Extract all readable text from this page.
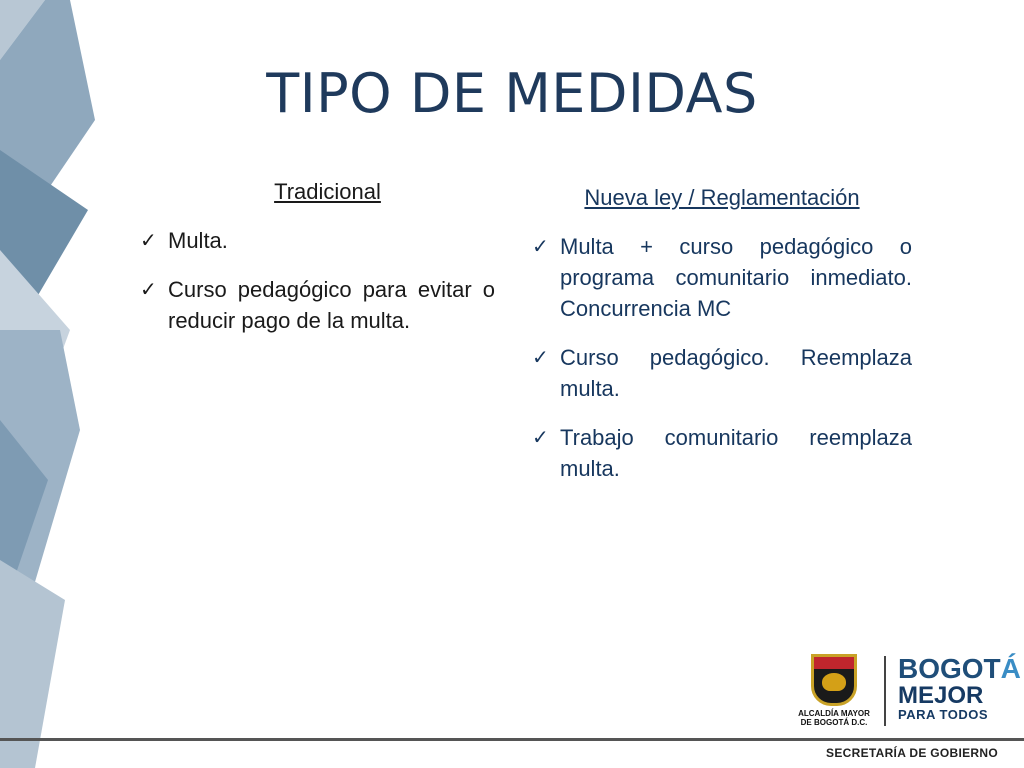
TIPO DE MEDIDAS
Tradicional
✓ Multa.
✓ Curso pedagógico para evitar o reducir pago de la multa.
Nueva ley / Reglamentación
✓ Multa + curso pedagógico o programa comunitario inmediato. Concurrencia MC
✓ Curso pedagógico. Reemplaza multa.
✓ Trabajo comunitario reemplaza multa.
ALCALDÍA MAYOR
DE BOGOTÁ D.C.
BOGOTÁ
MEJOR
PARA TODOS
SECRETARÍA DE GOBIERNO
